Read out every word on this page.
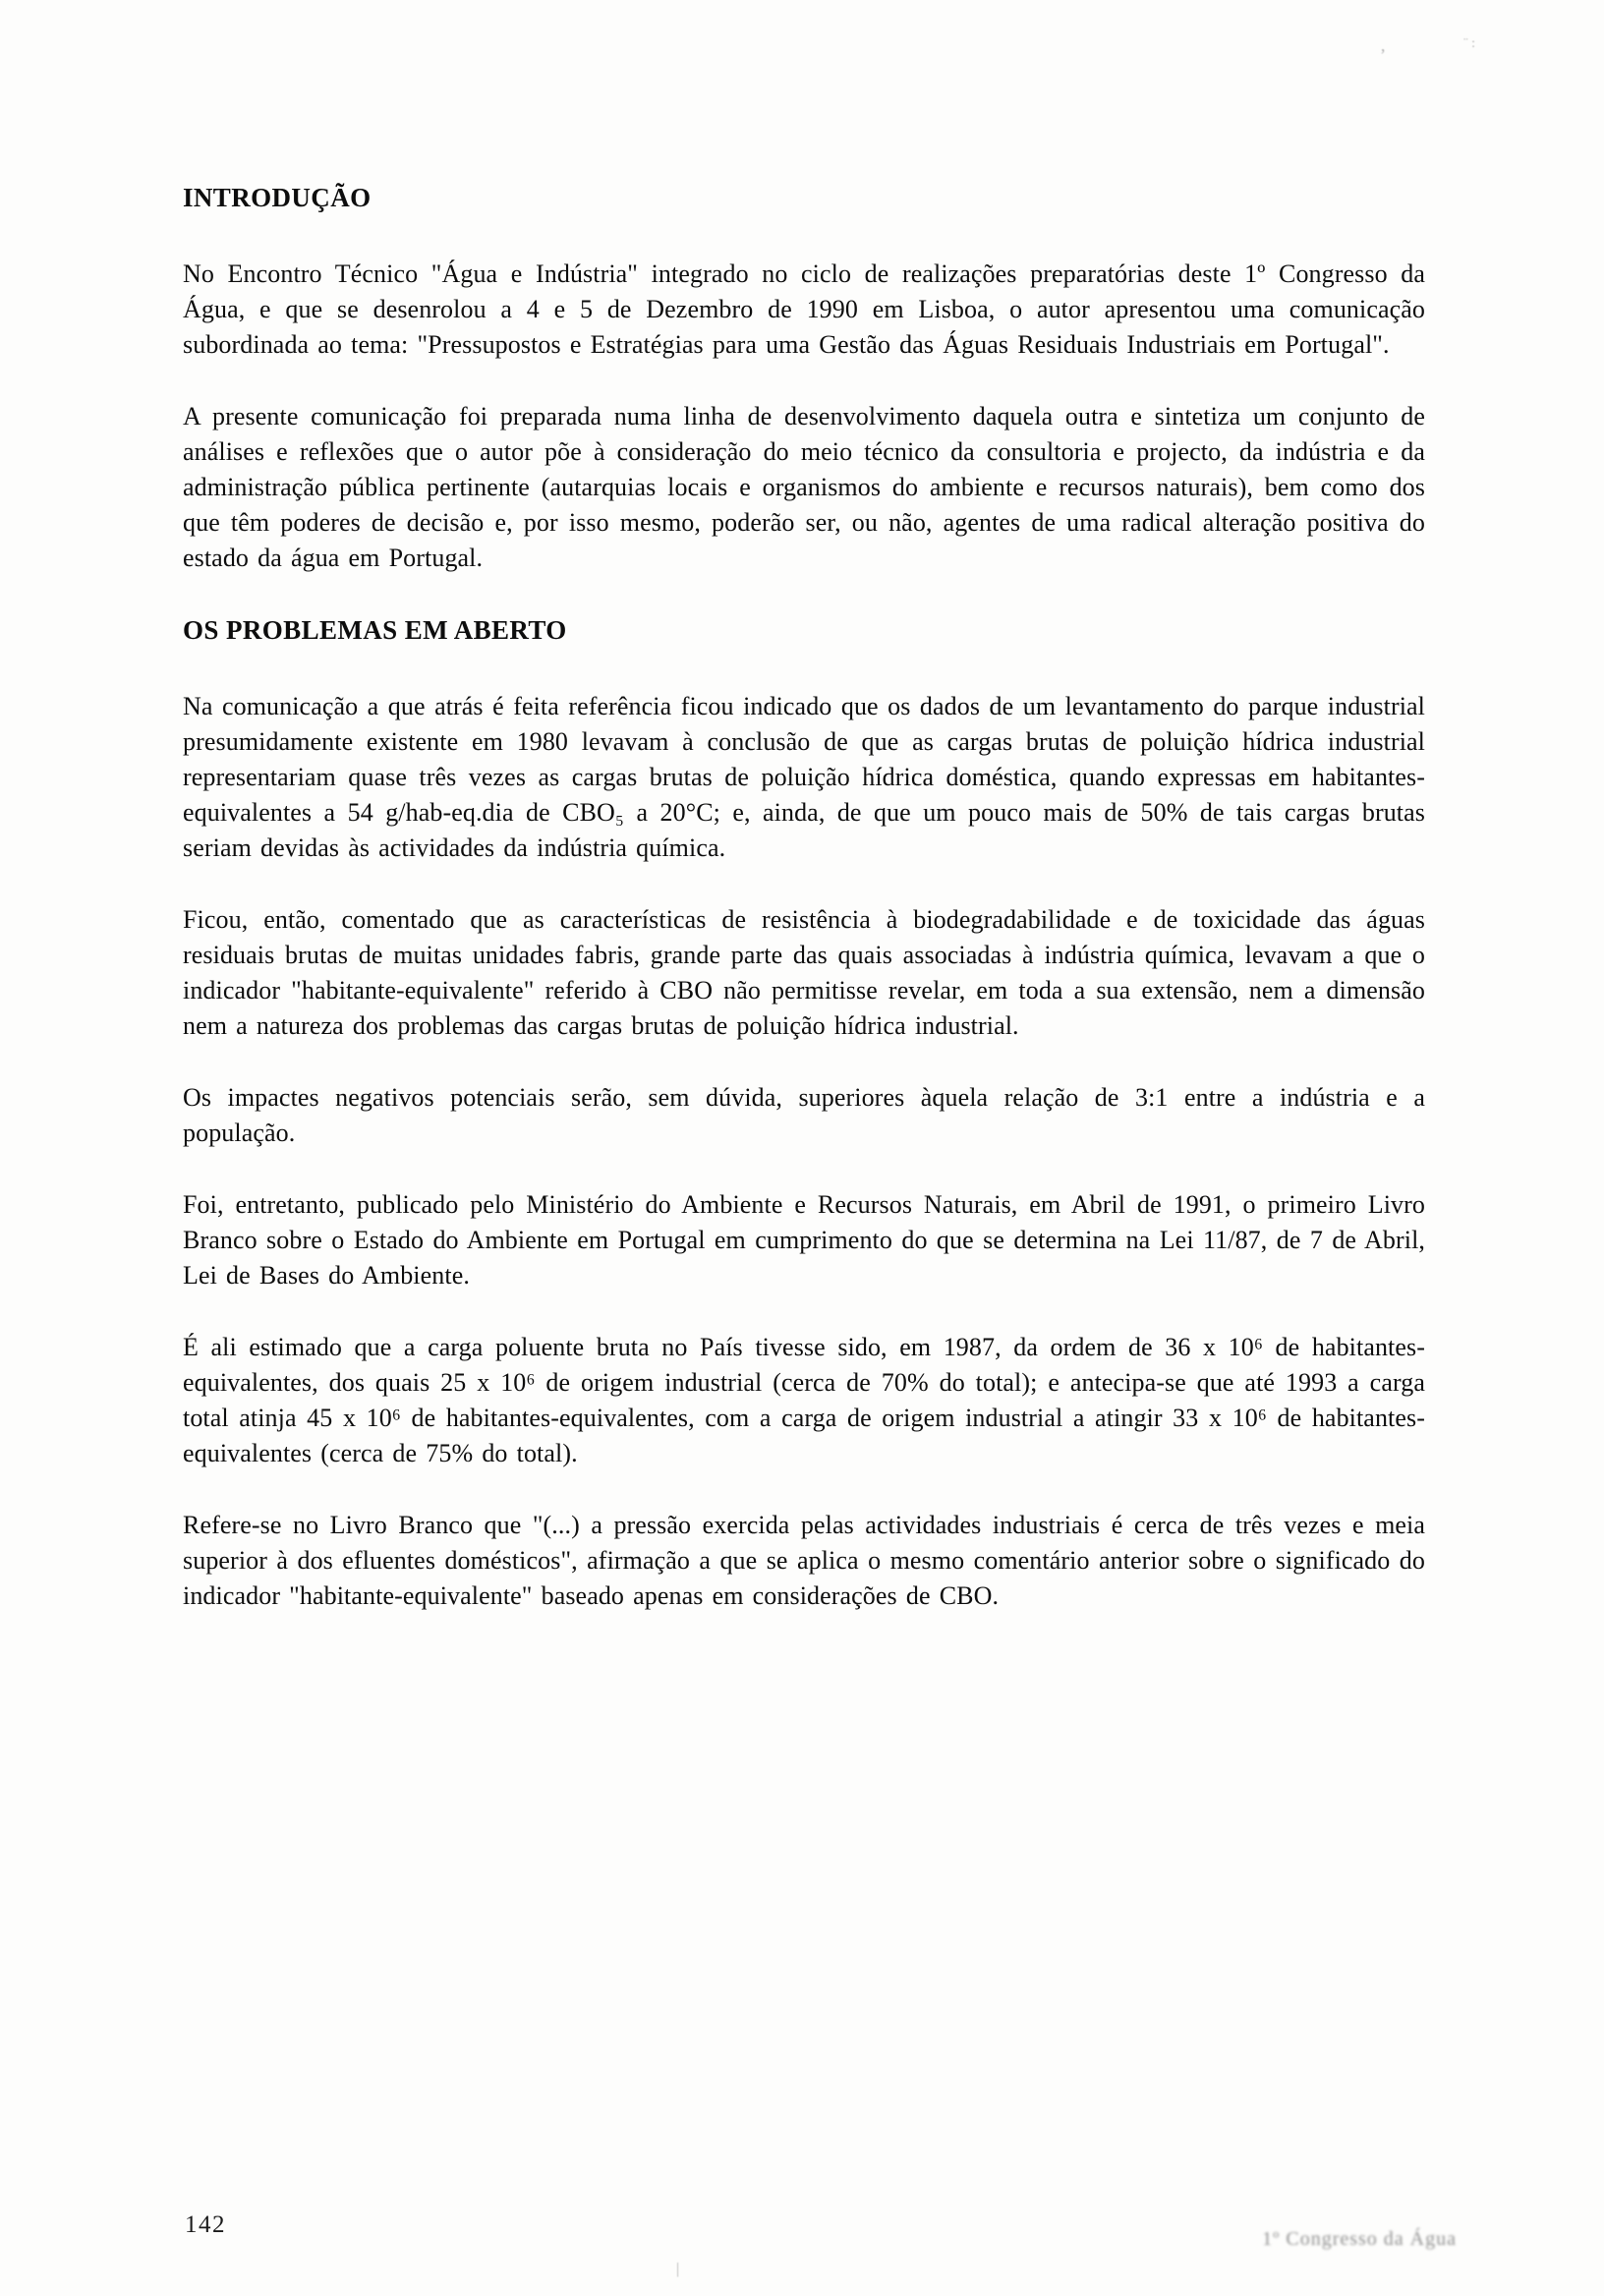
INTRODUÇÃO

No Encontro Técnico "Água e Indústria" integrado no ciclo de realizações preparatórias deste 1º Congresso da Água, e que se desenrolou a 4 e 5 de Dezembro de 1990 em Lisboa, o autor apresentou uma comunicação subordinada ao tema: "Pressupostos e Estratégias para uma Gestão das Águas Residuais Industriais em Portugal".

A presente comunicação foi preparada numa linha de desenvolvimento daquela outra e sintetiza um conjunto de análises e reflexões que o autor põe à consideração do meio técnico da consultoria e projecto, da indústria e da administração pública pertinente (autarquias locais e organismos do ambiente e recursos naturais), bem como dos que têm poderes de decisão e, por isso mesmo, poderão ser, ou não, agentes de uma radical alteração positiva do estado da água em Portugal.

OS PROBLEMAS EM ABERTO

Na comunicação a que atrás é feita referência ficou indicado que os dados de um levantamento do parque industrial presumidamente existente em 1980 levavam à conclusão de que as cargas brutas de poluição hídrica industrial representariam quase três vezes as cargas brutas de poluição hídrica doméstica, quando expressas em habitantes-equivalentes a 54 g/hab-eq.dia de CBO₅ a 20°C; e, ainda, de que um pouco mais de 50% de tais cargas brutas seriam devidas às actividades da indústria química.

Ficou, então, comentado que as características de resistência à biodegradabilidade e de toxicidade das águas residuais brutas de muitas unidades fabris, grande parte das quais associadas à indústria química, levavam a que o indicador "habitante-equivalente" referido à CBO não permitisse revelar, em toda a sua extensão, nem a dimensão nem a natureza dos problemas das cargas brutas de poluição hídrica industrial.

Os impactes negativos potenciais serão, sem dúvida, superiores àquela relação de 3:1 entre a indústria e a população.

Foi, entretanto, publicado pelo Ministério do Ambiente e Recursos Naturais, em Abril de 1991, o primeiro Livro Branco sobre o Estado do Ambiente em Portugal em cumprimento do que se determina na Lei 11/87, de 7 de Abril, Lei de Bases do Ambiente.

É ali estimado que a carga poluente bruta no País tivesse sido, em 1987, da ordem de 36 x 10⁶ de habitantes-equivalentes, dos quais 25 x 10⁶ de origem industrial (cerca de 70% do total); e antecipa-se que até 1993 a carga total atinja 45 x 10⁶ de habitantes-equivalentes, com a carga de origem industrial a atingir 33 x 10⁶ de habitantes-equivalentes (cerca de 75% do total).

Refere-se no Livro Branco que "(...) a pressão exercida pelas actividades industriais é cerca de três vezes e meia superior à dos efluentes domésticos", afirmação a que se aplica o mesmo comentário anterior sobre o significado do indicador "habitante-equivalente" baseado apenas em considerações de CBO.

142
1º Congresso da Água
’
¨ :
|
